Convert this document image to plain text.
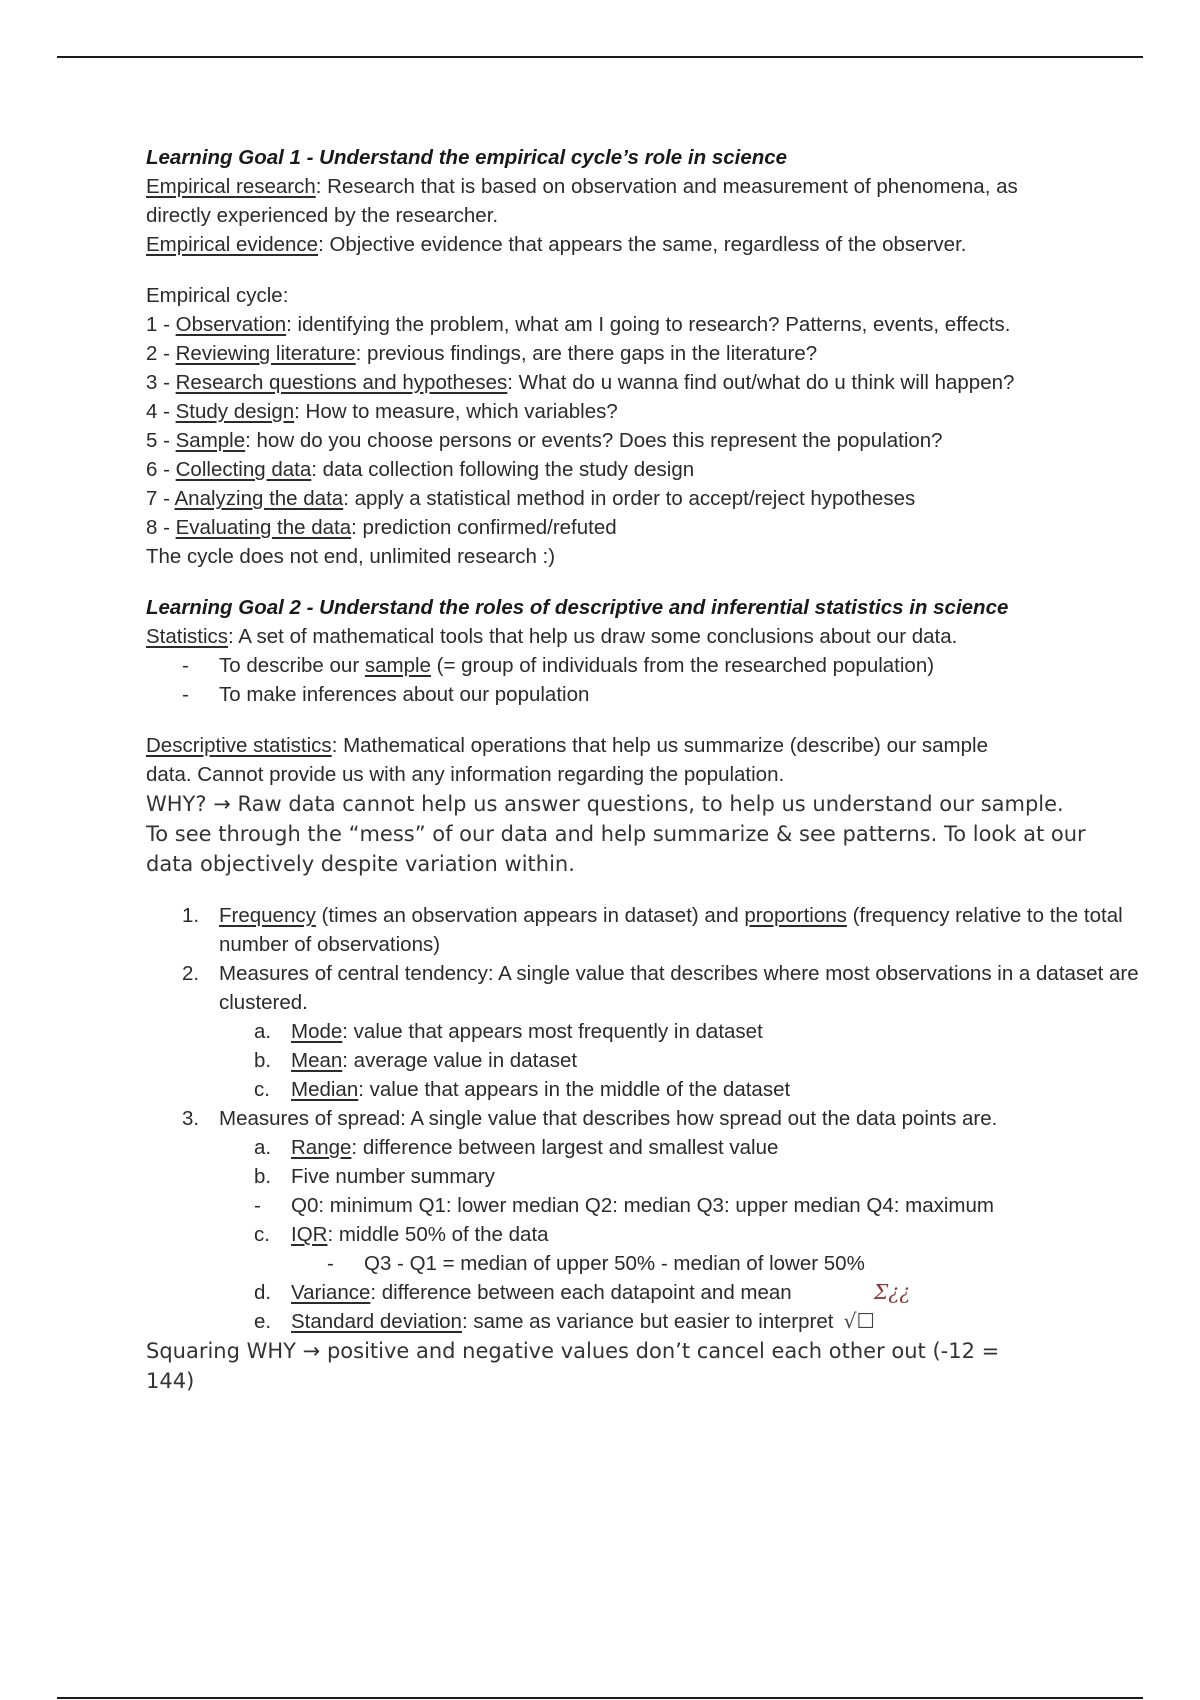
Learning Goal 1 - Understand the empirical cycle’s role in science
Empirical research: Research that is based on observation and measurement of phenomena, as
directly experienced by the researcher.
Empirical evidence: Objective evidence that appears the same, regardless of the observer.
Empirical cycle:
1 - Observation: identifying the problem, what am I going to research? Patterns, events, effects.
2 - Reviewing literature: previous findings, are there gaps in the literature?
3 - Research questions and hypotheses: What do u wanna find out/what do u think will happen?
4 - Study design: How to measure, which variables?
5 - Sample: how do you choose persons or events? Does this represent the population?
6 - Collecting data: data collection following the study design
7 - Analyzing the data: apply a statistical method in order to accept/reject hypotheses
8 - Evaluating the data: prediction confirmed/refuted
The cycle does not end, unlimited research :)
Learning Goal 2 - Understand the roles of descriptive and inferential statistics in science
Statistics: A set of mathematical tools that help us draw some conclusions about our data.
- To describe our sample (= group of individuals from the researched population)
- To make inferences about our population
Descriptive statistics: Mathematical operations that help us summarize (describe) our sample
data. Cannot provide us with any information regarding the population.
WHY? → Raw data cannot help us answer questions, to help us understand our sample. To see through the “mess” of our data and help summarize & see patterns. To look at our data objectively despite variation within.
1. Frequency (times an observation appears in dataset) and proportions (frequency relative to the total number of observations)
2. Measures of central tendency: A single value that describes where most observations in a dataset are clustered.
a. Mode: value that appears most frequently in dataset
b. Mean: average value in dataset
c. Median: value that appears in the middle of the dataset
3. Measures of spread: A single value that describes how spread out the data points are.
a. Range: difference between largest and smallest value
b. Five number summary
- Q0: minimum Q1: lower median Q2: median Q3: upper median Q4: maximum
c. IQR: middle 50% of the data
- Q3 - Q1 = median of upper 50% - median of lower 50%
d. Variance: difference between each datapoint and mean	Σ¿¿
e. Standard deviation: same as variance but easier to interpret √☐
Squaring WHY → positive and negative values don’t cancel each other out (-12 = 144)
